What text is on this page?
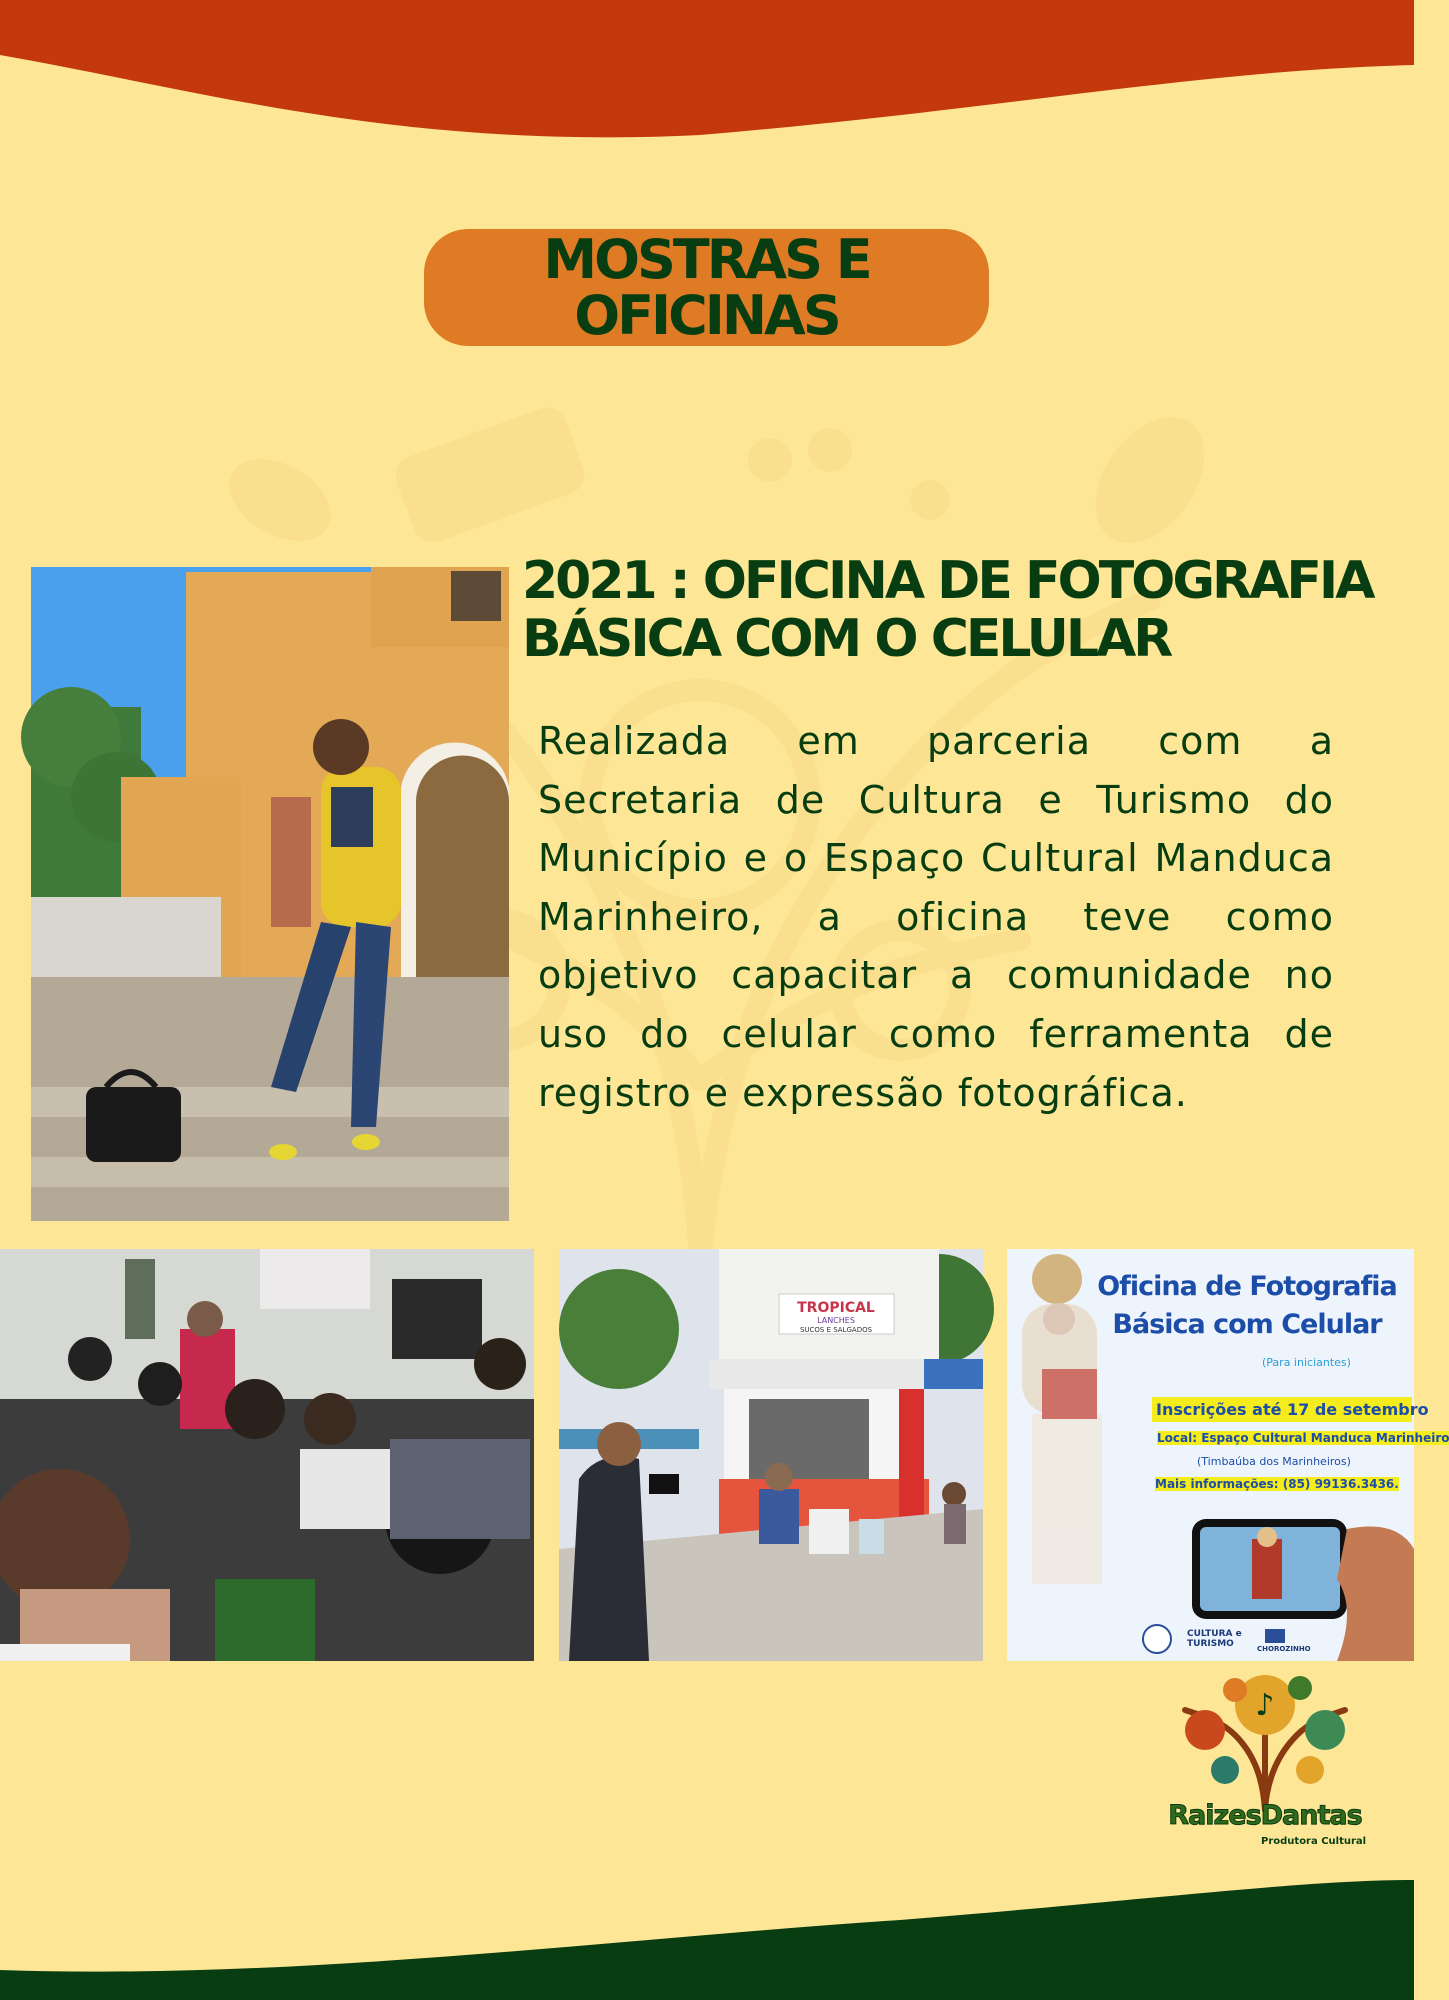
MOSTRAS E
OFICINAS
2021 : OFICINA DE FOTOGRAFIA
BÁSICA COM O CELULAR

Realizada em parceria com a Secretaria de Cultura e Turismo do Município e o Espaço Cultural Manduca Marinheiro, a oficina teve como objetivo capacitar a comunidade no uso do celular como ferramenta de registro e expressão fotográfica.

TROPICAL
LANCHES
SUCOS E SALGADOS
Oficina de Fotografia
Básica com Celular
(Para iniciantes)
Inscrições até 17 de setembro
Local: Espaço Cultural Manduca Marinheiro
(Timbaúba dos Marinheiros)
Mais informações: (85) 99136.3436.
CULTURA e TURISMO	CHOROZINHO
♪
RaizesDantas
Produtora Cultural
